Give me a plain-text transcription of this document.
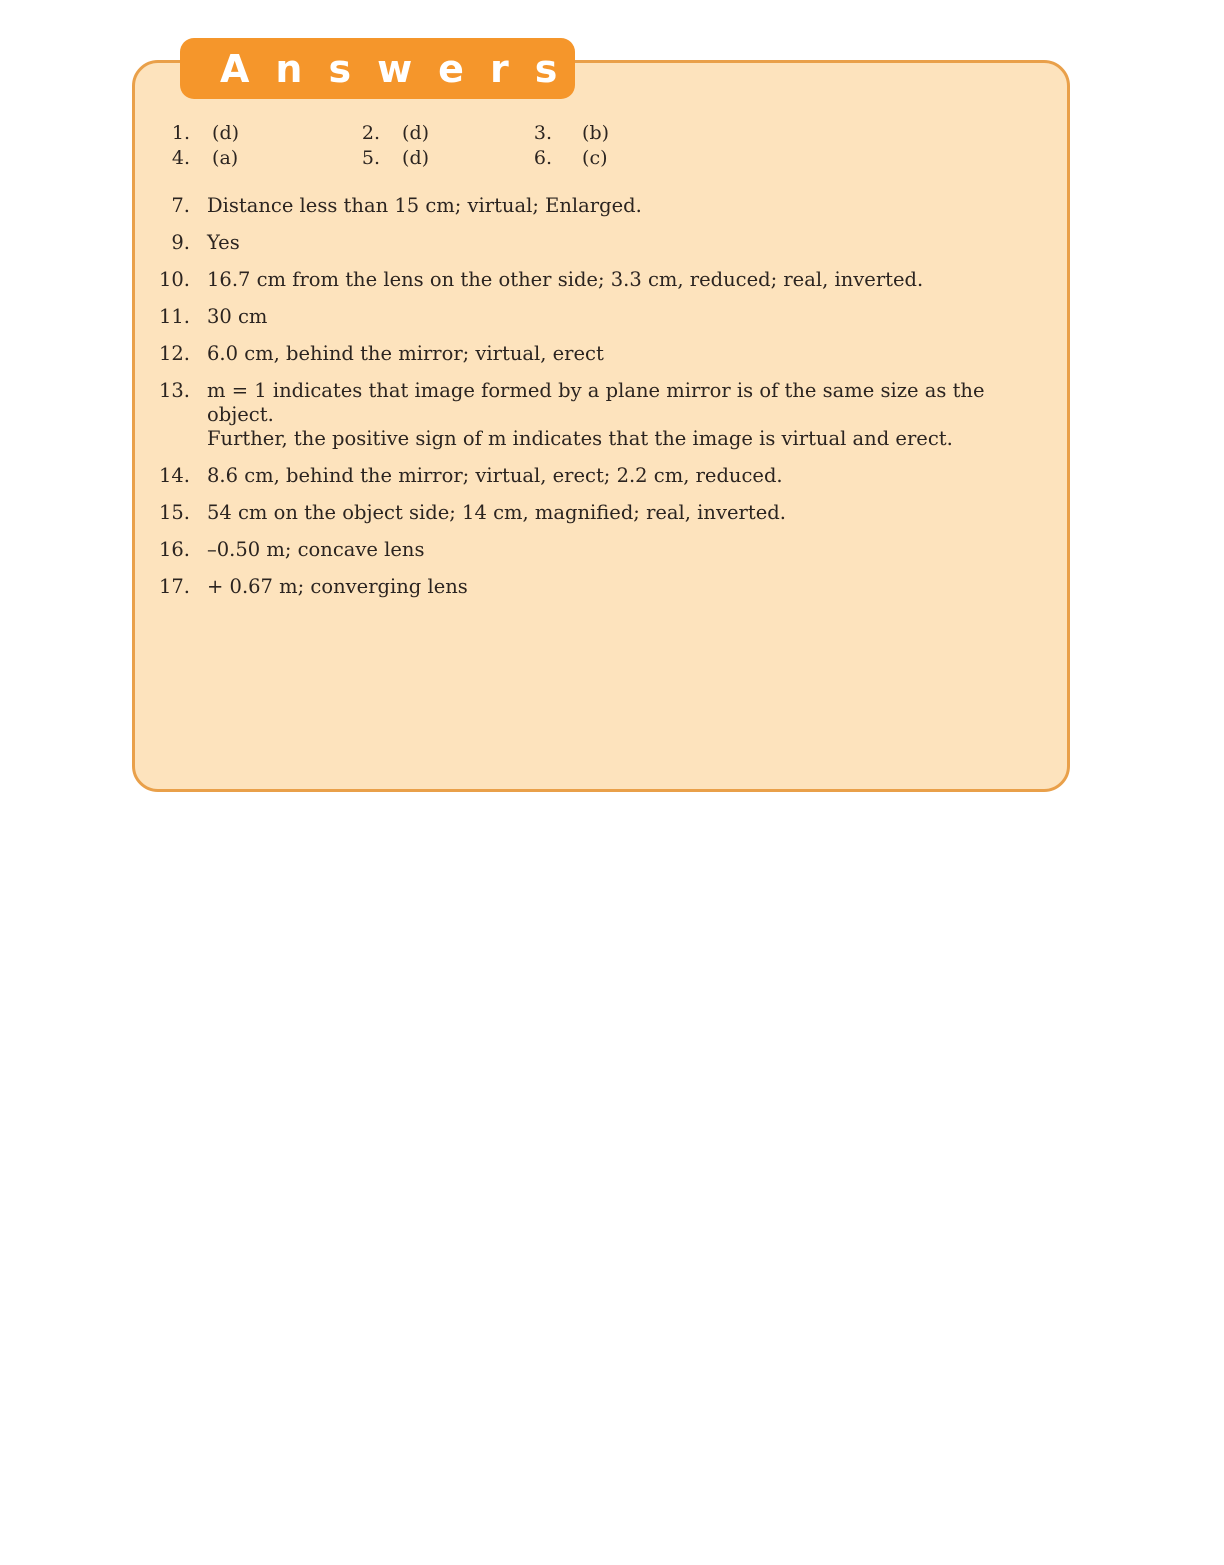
Answers
1. (d)	2. (d)	3. (b)
4. (a)	5. (d)	6. (c)
7. Distance less than 15 cm; virtual; Enlarged.
9. Yes
10. 16.7 cm from the lens on the other side; 3.3 cm, reduced; real, inverted.
11. 30 cm
12. 6.0 cm, behind the mirror; virtual, erect
13. m = 1 indicates that image formed by a plane mirror is of the same size as the object.
Further, the positive sign of m indicates that the image is virtual and erect.
14. 8.6 cm, behind the mirror; virtual, erect; 2.2 cm, reduced.
15. 54 cm on the object side; 14 cm, magnified; real, inverted.
16. –0.50 m; concave lens
17. + 0.67 m; converging lens
